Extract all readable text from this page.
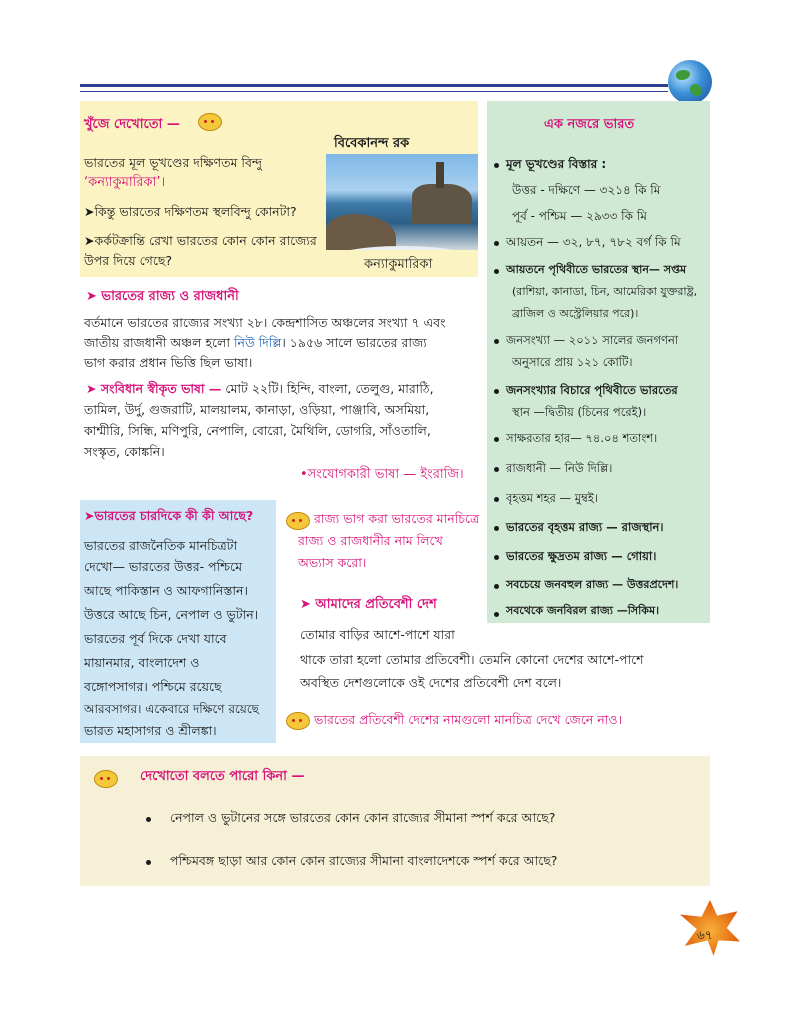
খুঁজে দেখোতো —
ভারতের মূল ভূখণ্ডের দক্ষিণতম বিন্দু
‘কন্যাকুমারিকা’।
➤কিন্তু ভারতের দক্ষিণতম স্থলবিন্দু কোনটা?
➤কর্কটক্রান্তি রেখা ভারতের কোন কোন রাজ্যের
উপর দিয়ে গেছে?
বিবেকানন্দ রক
কন্যাকুমারিকা
➤ ভারতের রাজ্য ও রাজধানী
বর্তমানে ভারতের রাজ্যের সংখ্যা ২৮। কেন্দ্রশাসিত অঞ্চলের সংখ্যা ৭ এবং
জাতীয় রাজধানী অঞ্চল হলো নিউ দিল্লি। ১৯৫৬ সালে ভারতের রাজ্য
ভাগ করার প্রধান ভিত্তি ছিল ভাষা।
➤ সংবিধান স্বীকৃত ভাষা — মোট ২২টি। হিন্দি, বাংলা, তেলুগু, মারাঠি,
তামিল, উর্দু, গুজরাটি, মালয়ালম, কানাড়া, ওড়িয়া, পাঞ্জাবি, অসমিয়া,
কাশ্মীরি, সিন্ধি, মণিপুরি, নেপালি, বোরো, মৈথিলি, ডোগরি, সাঁওতালি,
সংস্কৃত, কোঙ্কনি।
•সংযোগকারী ভাষা — ইংরাজি।
এক নজরে ভারত
মূল ভূখণ্ডের বিস্তার :
উত্তর - দক্ষিণে — ৩২১৪ কি মি
পূর্ব - পশ্চিম — ২৯৩৩ কি মি
আয়তন — ৩২, ৮৭, ৭৮২ বর্গ কি মি
আয়তনে পৃথিবীতে ভারতের স্থান— সপ্তম
(রাশিয়া, কানাডা, চিন, আমেরিকা যুক্তরাষ্ট্র,
ব্রাজিল ও অস্ট্রেলিয়ার পরে)।
জনসংখ্যা — ২০১১ সালের জনগণনা
অনুসারে প্রায় ১২১ কোটি।
জনসংখ্যার বিচারে পৃথিবীতে ভারতের
স্থান —দ্বিতীয় (চিনের পরেই)।
সাক্ষরতার হার— ৭৪.০৪ শতাংশ।
রাজধানী — নিউ দিল্লি।
বৃহত্তম শহর — মুম্বই।
ভারতের বৃহত্তম রাজ্য — রাজস্থান।
ভারতের ক্ষুদ্রতম রাজ্য — গোয়া।
সবচেয়ে জনবহুল রাজ্য — উত্তরপ্রদেশ।
সবথেকে জনবিরল রাজ্য —সিকিম।
➤ভারতের চারদিকে কী কী আছে?
ভারতের রাজনৈতিক মানচিত্রটা
দেখো— ভারতের উত্তর- পশ্চিমে
আছে পাকিস্তান ও আফগানিস্তান।
উত্তরে আছে চিন, নেপাল ও ভুটান।
ভারতের পূর্ব দিকে দেখা যাবে
মায়ানমার, বাংলাদেশ ও
বঙ্গোপসাগর। পশ্চিমে রয়েছে
আরবসাগর। একেবারে দক্ষিণে রয়েছে
ভারত মহাসাগর ও শ্রীলঙ্কা।
রাজ্য ভাগ করা ভারতের মানচিত্রে
রাজ্য ও রাজধানীর নাম লিখে
অভ্যাস করো।
➤ আমাদের প্রতিবেশী দেশ
তোমার বাড়ির আশে-পাশে যারা
থাকে তারা হলো তোমার প্রতিবেশী। তেমনি কোনো দেশের আশে-পাশে
অবস্থিত দেশগুলোকে ওই দেশের প্রতিবেশী দেশ বলে।
ভারতের প্রতিবেশী দেশের নামগুলো মানচিত্র দেখে জেনে নাও।
দেখোতো বলতে পারো কিনা —
নেপাল ও ভুটানের সঙ্গে ভারতের কোন কোন রাজ্যের সীমানা স্পর্শ করে আছে?
পশ্চিমবঙ্গ ছাড়া আর কোন কোন রাজ্যের সীমানা বাংলাদেশকে স্পর্শ করে আছে?
৬৭
